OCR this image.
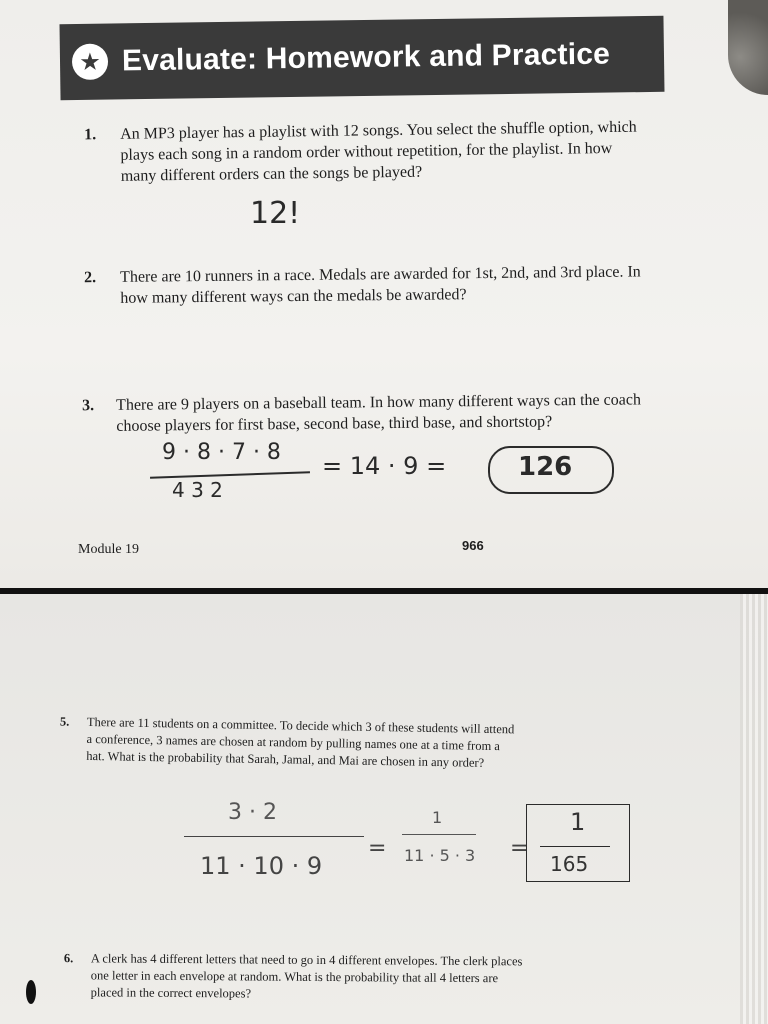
★ Evaluate: Homework and Practice
1. An MP3 player has a playlist with 12 songs. You select the shuffle option, which
plays each song in a random order without repetition, for the playlist. In how
many different orders can the songs be played?
12!
2. There are 10 runners in a race. Medals are awarded for 1st, 2nd, and 3rd place. In
how many different ways can the medals be awarded?
3. There are 9 players on a baseball team. In how many different ways can the coach
choose players for first base, second base, third base, and shortstop?
9 · 8 · 7 · 8
4 3 2
= 14 · 9 =	126
Module 19	966
5. There are 11 students on a committee. To decide which 3 of these students will attend
a conference, 3 names are chosen at random by pulling names one at a time from a
hat. What is the probability that Sarah, Jamal, and Mai are chosen in any order?
3 · 2
11 · 10 · 9
=
1
11 · 5 · 3 =
1
165
6. A clerk has 4 different letters that need to go in 4 different envelopes. The clerk places
one letter in each envelope at random. What is the probability that all 4 letters are
placed in the correct envelopes?
